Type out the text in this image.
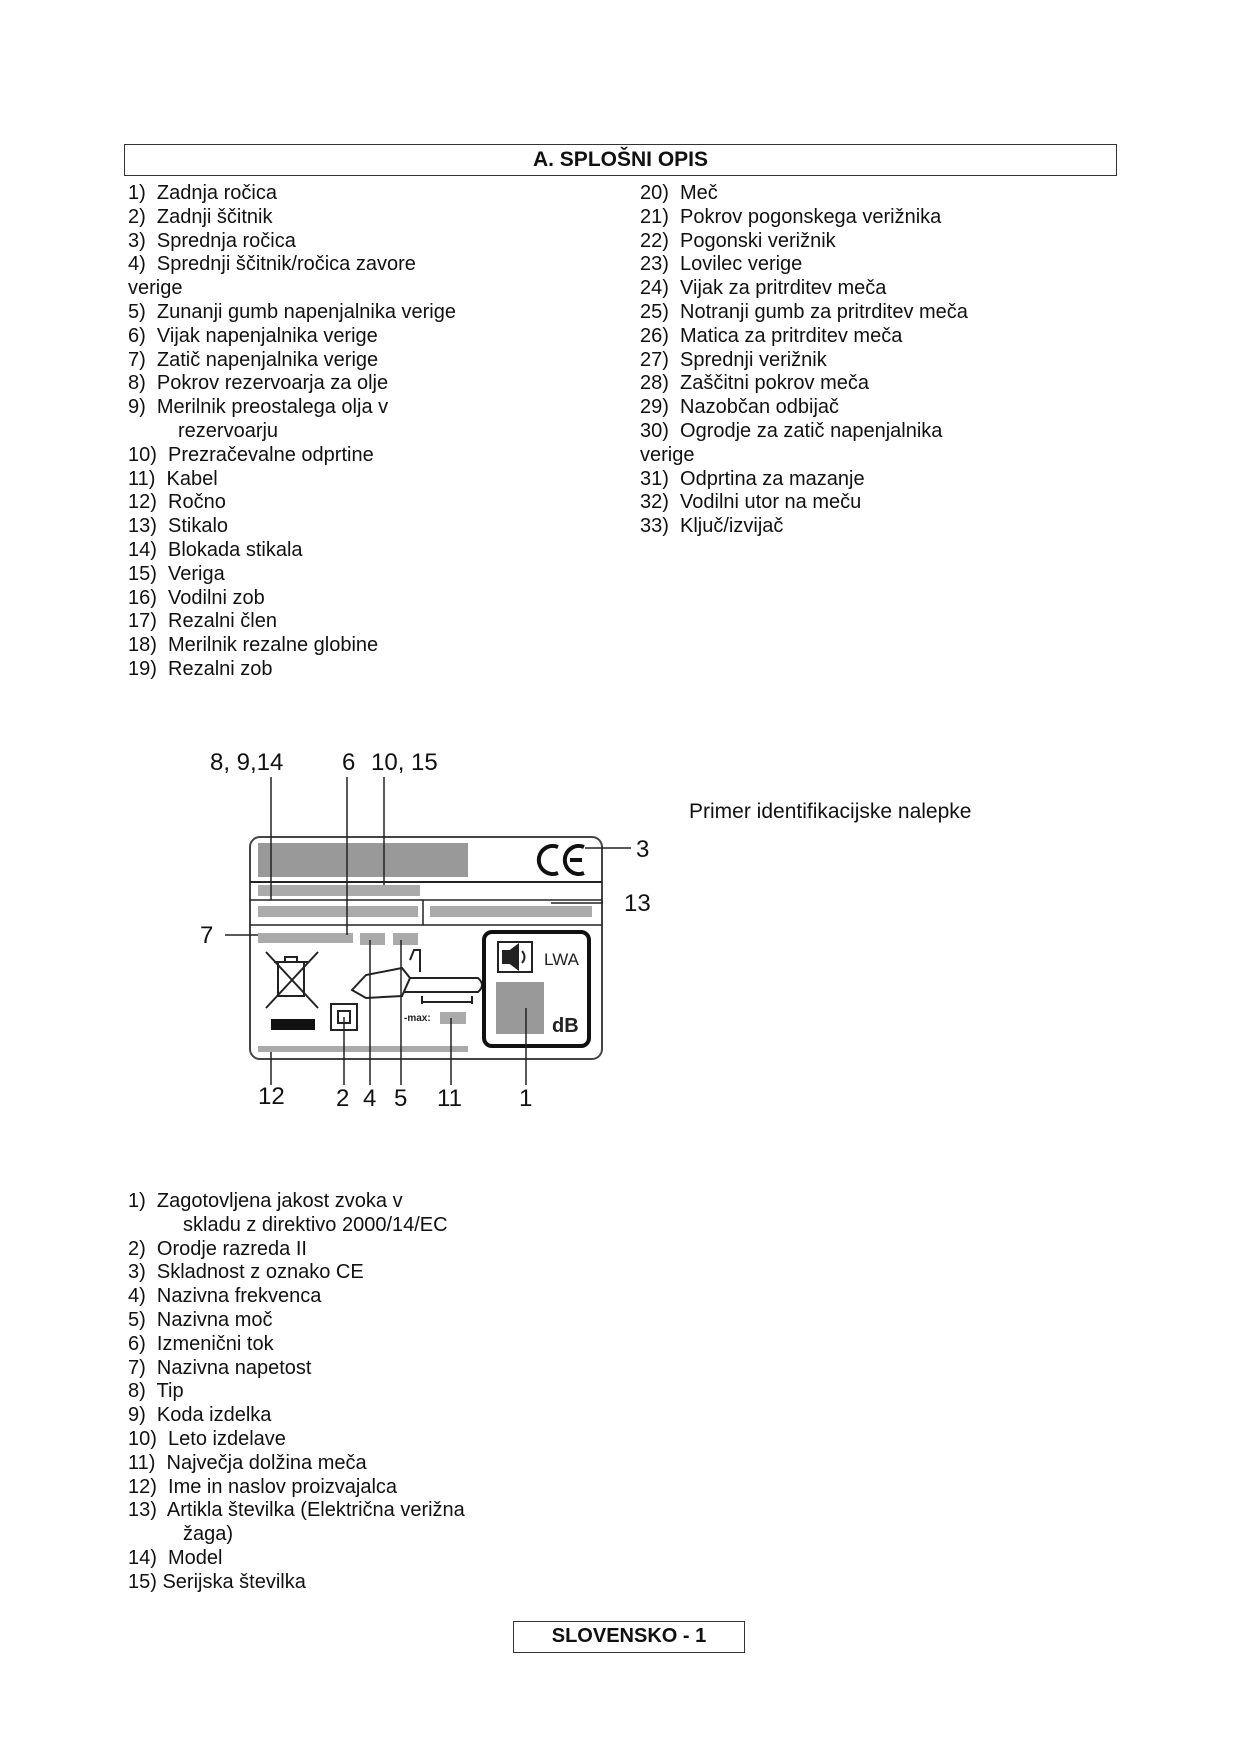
A. SPLOŠNI OPIS
1)  Zadnja ročica
2)  Zadnji ščitnik
3)  Sprednja ročica
4)  Sprednji ščitnik/ročica zavore
verige
5)  Zunanji gumb napenjalnika verige
6)  Vijak napenjalnika verige
7)  Zatič napenjalnika verige
8)  Pokrov rezervoarja za olje
9)  Merilnik preostalega olja v
rezervoarju
10)  Prezračevalne odprtine
11)  Kabel
12)  Ročno
13)  Stikalo
14)  Blokada stikala
15)  Veriga
16)  Vodilni zob
17)  Rezalni člen
18)  Merilnik rezalne globine
19)  Rezalni zob
20)  Meč
21)  Pokrov pogonskega verižnika
22)  Pogonski verižnik
23)  Lovilec verige
24)  Vijak za pritrditev meča
25)  Notranji gumb za pritrditev meča
26)  Matica za pritrditev meča
27)  Sprednji verižnik
28)  Zaščitni pokrov meča
29)  Nazobčan odbijač
30)  Ogrodje za zatič napenjalnika
verige
31)  Odprtina za mazanje
32)  Vodilni utor na meču
33)  Ključ/izvijač
-max:
LWA
dB
8, 9,14 6 10, 15
3
13
7
12 2 4 5 11 1
Primer identifikacijske nalepke
1)  Zagotovljena jakost zvoka v
skladu z direktivo 2000/14/EC
2)  Orodje razreda II
3)  Skladnost z oznako CE
4)  Nazivna frekvenca
5)  Nazivna moč
6)  Izmenični tok
7)  Nazivna napetost
8)  Tip
9)  Koda izdelka
10)  Leto izdelave
11)  Največja dolžina meča
12)  Ime in naslov proizvajalca
13)  Artikla številka (Električna verižna
žaga)
14)  Model
15) Serijska številka
SLOVENSKO - 1
